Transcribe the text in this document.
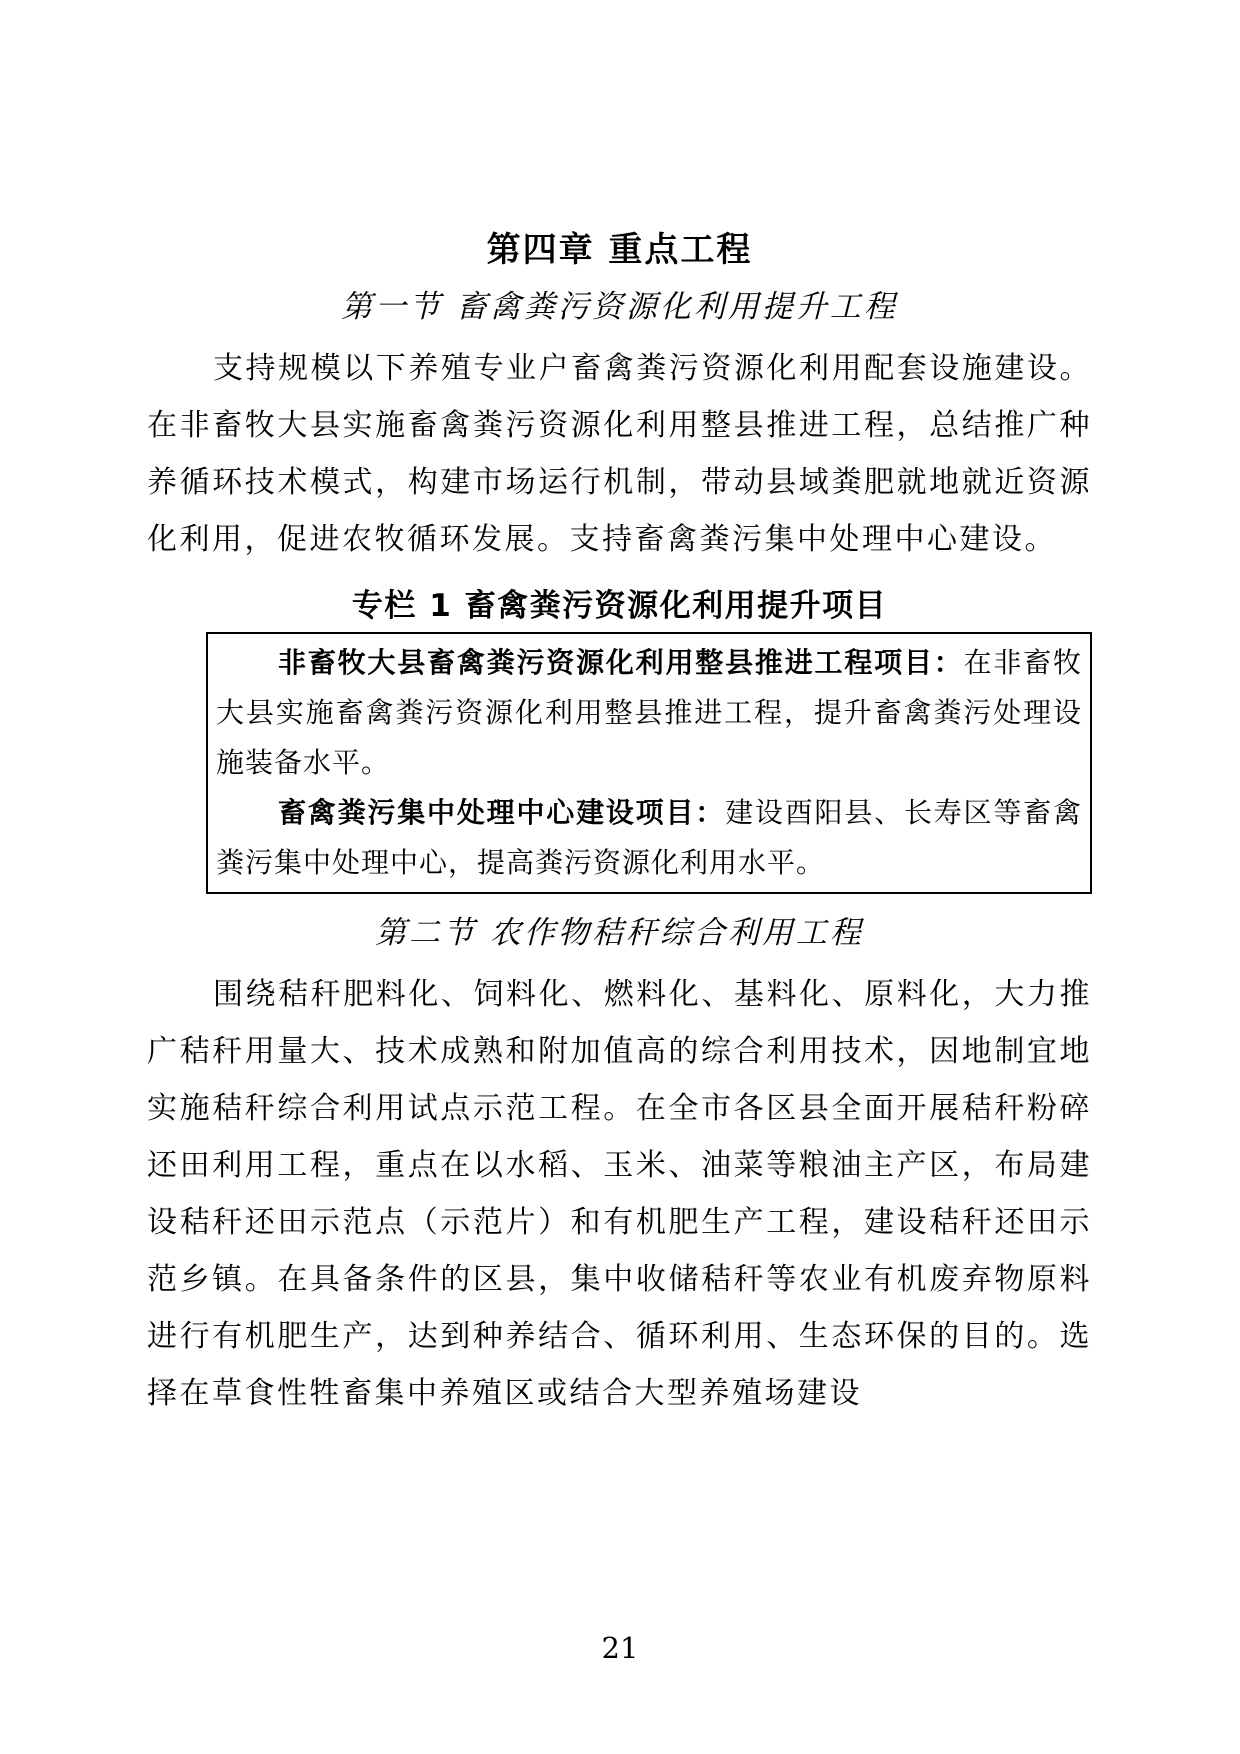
第四章 重点工程
第一节 畜禽粪污资源化利用提升工程

支持规模以下养殖专业户畜禽粪污资源化利用配套设施建设。在非畜牧大县实施畜禽粪污资源化利用整县推进工程，总结推广种养循环技术模式，构建市场运行机制，带动县域粪肥就地就近资源化利用，促进农牧循环发展。支持畜禽粪污集中处理中心建设。

专栏 1 畜禽粪污资源化利用提升项目

非畜牧大县畜禽粪污资源化利用整县推进工程项目：在非畜牧大县实施畜禽粪污资源化利用整县推进工程，提升畜禽粪污处理设施装备水平。

畜禽粪污集中处理中心建设项目：建设酉阳县、长寿区等畜禽粪污集中处理中心，提高粪污资源化利用水平。

第二节 农作物秸秆综合利用工程

围绕秸秆肥料化、饲料化、燃料化、基料化、原料化，大力推广秸秆用量大、技术成熟和附加值高的综合利用技术，因地制宜地实施秸秆综合利用试点示范工程。在全市各区县全面开展秸秆粉碎还田利用工程，重点在以水稻、玉米、油菜等粮油主产区，布局建设秸秆还田示范点（示范片）和有机肥生产工程，建设秸秆还田示范乡镇。在具备条件的区县，集中收储秸秆等农业有机废弃物原料进行有机肥生产，达到种养结合、循环利用、生态环保的目的。选择在草食性牲畜集中养殖区或结合大型养殖场建设

21
